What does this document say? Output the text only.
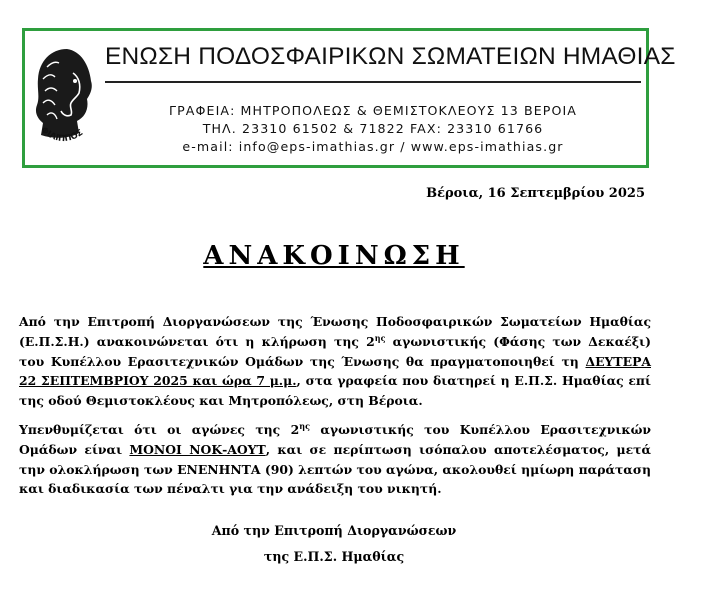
ΦΙΛΙΠΠΟΣ
ΕΝΩΣΗ ΠΟΔΟΣΦΑΙΡΙΚΩΝ ΣΩΜΑΤΕΙΩΝ ΗΜΑΘΙΑΣ
ΓΡΑΦΕΙΑ: ΜΗΤΡΟΠΟΛΕΩΣ & ΘΕΜΙΣΤΟΚΛΕΟΥΣ 13 ΒΕΡΟΙΑ
ΤΗΛ. 23310 61502 & 71822 FAX: 23310 61766
e-mail: info@eps-imathias.gr / www.eps-imathias.gr
Βέροια, 16 Σεπτεμβρίου 2025
ΑΝΑΚΟΙΝΩΣΗ

Από την Επιτροπή Διοργανώσεων της Ένωσης Ποδοσφαιρικών Σωματείων Ημαθίας (Ε.Π.Σ.Η.) ανακοινώνεται ότι η κλήρωση της $2^{\eta\varsigma}$ αγωνιστικής (Φάσης των Δεκαέξι) του Κυπέλλου Ερασιτεχνικών Ομάδων της Ένωσης θα πραγματοποιηθεί τη ΔΕΥΤΕΡΑ 22 ΣΕΠΤΕΜΒΡΙΟΥ 2025 και ώρα 7 μ.μ., στα γραφεία που διατηρεί η Ε.Π.Σ. Ημαθίας επί της οδού Θεμιστοκλέους και Μητροπόλεως, στη Βέροια.

Υπενθυμίζεται ότι οι αγώνες της $2^{\eta\varsigma}$ αγωνιστικής του Κυπέλλου Ερασιτεχνικών Ομάδων είναι ΜΟΝΟΙ ΝΟΚ-ΑΟΥΤ, και σε περίπτωση ισόπαλου αποτελέσματος, μετά την ολοκλήρωση των ΕΝΕΝΗΝΤΑ (90) λεπτών του αγώνα, ακολουθεί ημίωρη παράταση και διαδικασία των πέναλτι για την ανάδειξη του νικητή.

Από την Επιτροπή Διοργανώσεων
της Ε.Π.Σ. Ημαθίας
